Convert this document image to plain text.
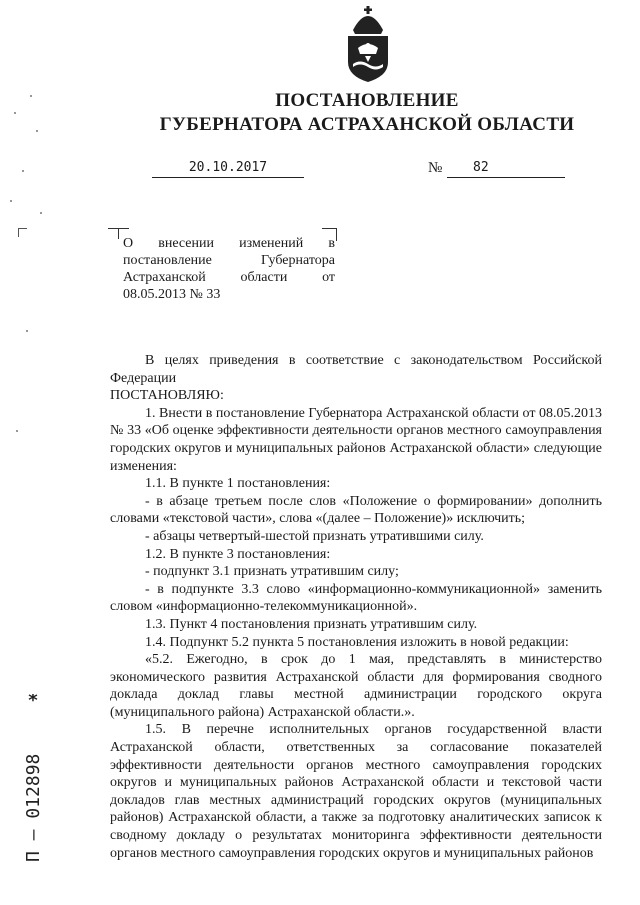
ПОСТАНОВЛЕНИЕ
ГУБЕРНАТОРА АСТРАХАНСКОЙ ОБЛАСТИ
20.10.2017	№	82
О внесении изменений в постановление Губернатора Астраханской области от 08.05.2013 № 33

В целях приведения в соответствие с законодательством Российской Федерации

ПОСТАНОВЛЯЮ:

1. Внести в постановление Губернатора Астраханской области от 08.05.2013 № 33 «Об оценке эффективности деятельности органов местного самоуправления городских округов и муниципальных районов Астраханской области» следующие изменения:

1.1. В пункте 1 постановления:

- в абзаце третьем после слов «Положение о формировании» дополнить словами «текстовой части», слова «(далее – Положение)» исключить;

- абзацы четвертый-шестой признать утратившими силу.

1.2. В пункте 3 постановления:

- подпункт 3.1 признать утратившим силу;

- в подпункте 3.3 слово «информационно-коммуникационной» заменить словом «информационно-телекоммуникационной».

1.3. Пункт 4 постановления признать утратившим силу.

1.4. Подпункт 5.2 пункта 5 постановления изложить в новой редакции:

«5.2. Ежегодно, в срок до 1 мая, представлять в министерство экономического развития Астраханской области для формирования сводного доклада доклад главы местной администрации городского округа (муниципального района) Астраханской области.».

1.5. В перечне исполнительных органов государственной власти Астраханской области, ответственных за согласование показателей эффективности деятельности органов местного самоуправления городских округов и муниципальных районов Астраханской области и текстовой части докладов глав местных администраций городских округов (муниципальных районов) Астраханской области, а также за подготовку аналитических записок к сводному докладу о результатах мониторинга эффективности деятельности органов местного самоуправления городских округов и муниципальных районов

*
П – 012898
